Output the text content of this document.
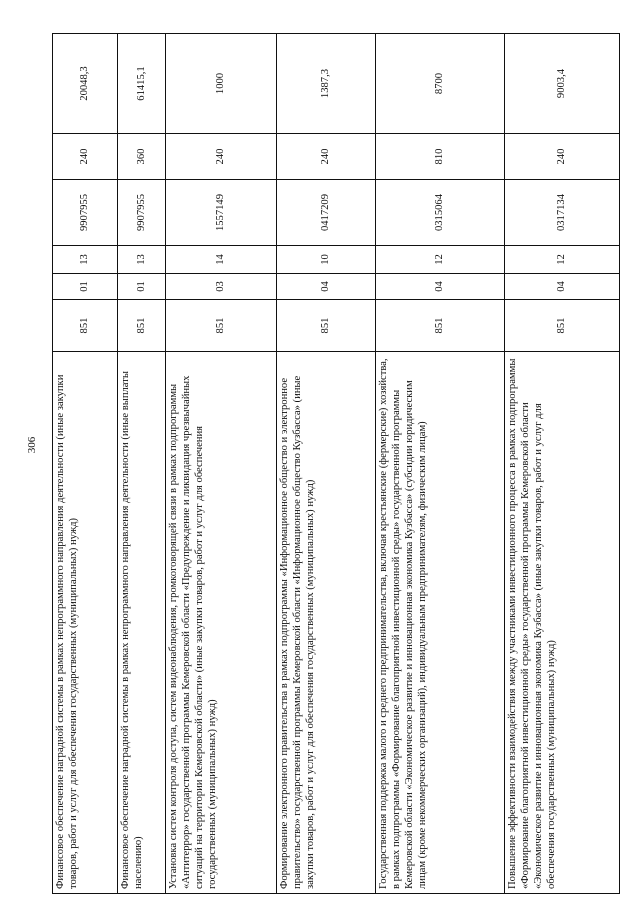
306 Финансовое обеспечение наградной системы в рамках непрограммного направления деятельности (иные закупки товаров, работ и услуг для обеспечения государственных (муниципальных) нужд)	851	01	13	9907955	240	20048,3
Финансовое обеспечение наградной системы в рамках непрограммного направления деятельности (иные выплаты населению)	851	01	13	9907955	360	61415,1
Установка систем контроля доступа, систем видеонаблюдения, громкоговорящей связи в рамках подпрограммы «Антитеррор» государственной программы Кемеровской области «Предупреждение и ликвидация чрезвычайных ситуаций на территории Кемеровской области» (иные закупки товаров, работ и услуг для обеспечения государственных (муниципальных) нужд)	851	03	14	1557149	240	1000
Формирование электронного правительства в рамках подпрограммы «Информационное общество и электронное правительство» государственной программы Кемеровской области «Информационное общество Кузбасса» (иные закупки товаров, работ и услуг для обеспечения государственных (муниципальных) нужд)	851	04	10	0417209	240	1387,3
Государственная поддержка малого и среднего предпринимательства, включая крестьянские (фермерские) хозяйства, в рамках подпрограммы «Формирование благоприятной инвестиционной среды» государственной программы Кемеровской области «Экономическое развитие и инновационная экономика Кузбасса» (субсидии юридическим лицам (кроме некоммерческих организаций), индивидуальным предпринимателям, физическим лицам)	851	04	12	0315064	810	8700
Повышение эффективности взаимодействия между участниками инвестиционного процесса в рамках подпрограммы «Формирование благоприятной инвестиционной среды» государственной программы Кемеровской области «Экономическое развитие и инновационная экономика Кузбасса» (иные закупки товаров, работ и услуг для обеспечения государственных (муниципальных) нужд)	851	04	12	0317134	240	9003,4
